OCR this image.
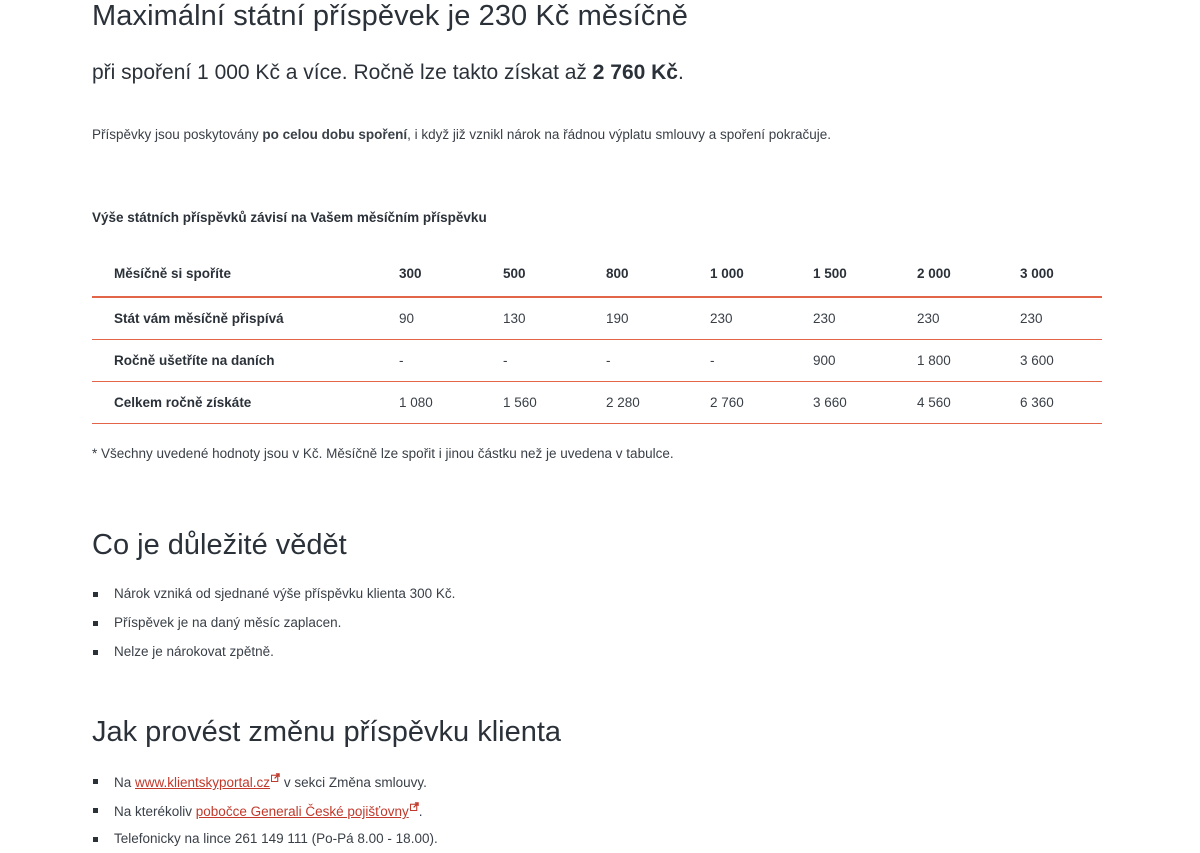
Maximální státní příspěvek je 230 Kč měsíčně

při spoření 1 000 Kč a více. Ročně lze takto získat až 2 760 Kč.

Příspěvky jsou poskytovány po celou dobu spoření, i když již vznikl nárok na řádnou výplatu smlouvy a spoření pokračuje.

Výše státních příspěvků závisí na Vašem měsíčním příspěvku
Měsíčně si spoříte	300	500	800	1 000	1 500	2 000	3 000
Stát vám měsíčně přispívá	90	130	190	230	230	230	230
Ročně ušetříte na daních	-	-	-	-	900	1 800	3 600
Celkem ročně získáte	1 080	1 560	2 280	2 760	3 660	4 560	6 360

* Všechny uvedené hodnoty jsou v Kč. Měsíčně lze spořit i jinou částku než je uvedena v tabulce.

Co je důležité vědět
Nárok vzniká od sjednané výše příspěvku klienta 300 Kč.
Příspěvek je na daný měsíc zaplacen.
Nelze je nárokovat zpětně.
Jak provést změnu příspěvku klienta
Na www.klientskyportal.cz v sekci Změna smlouvy.
Na kterékoliv pobočce Generali České pojišťovny .
Telefonicky na lince 261 149 111 (Po-Pá 8.00 - 18.00).
